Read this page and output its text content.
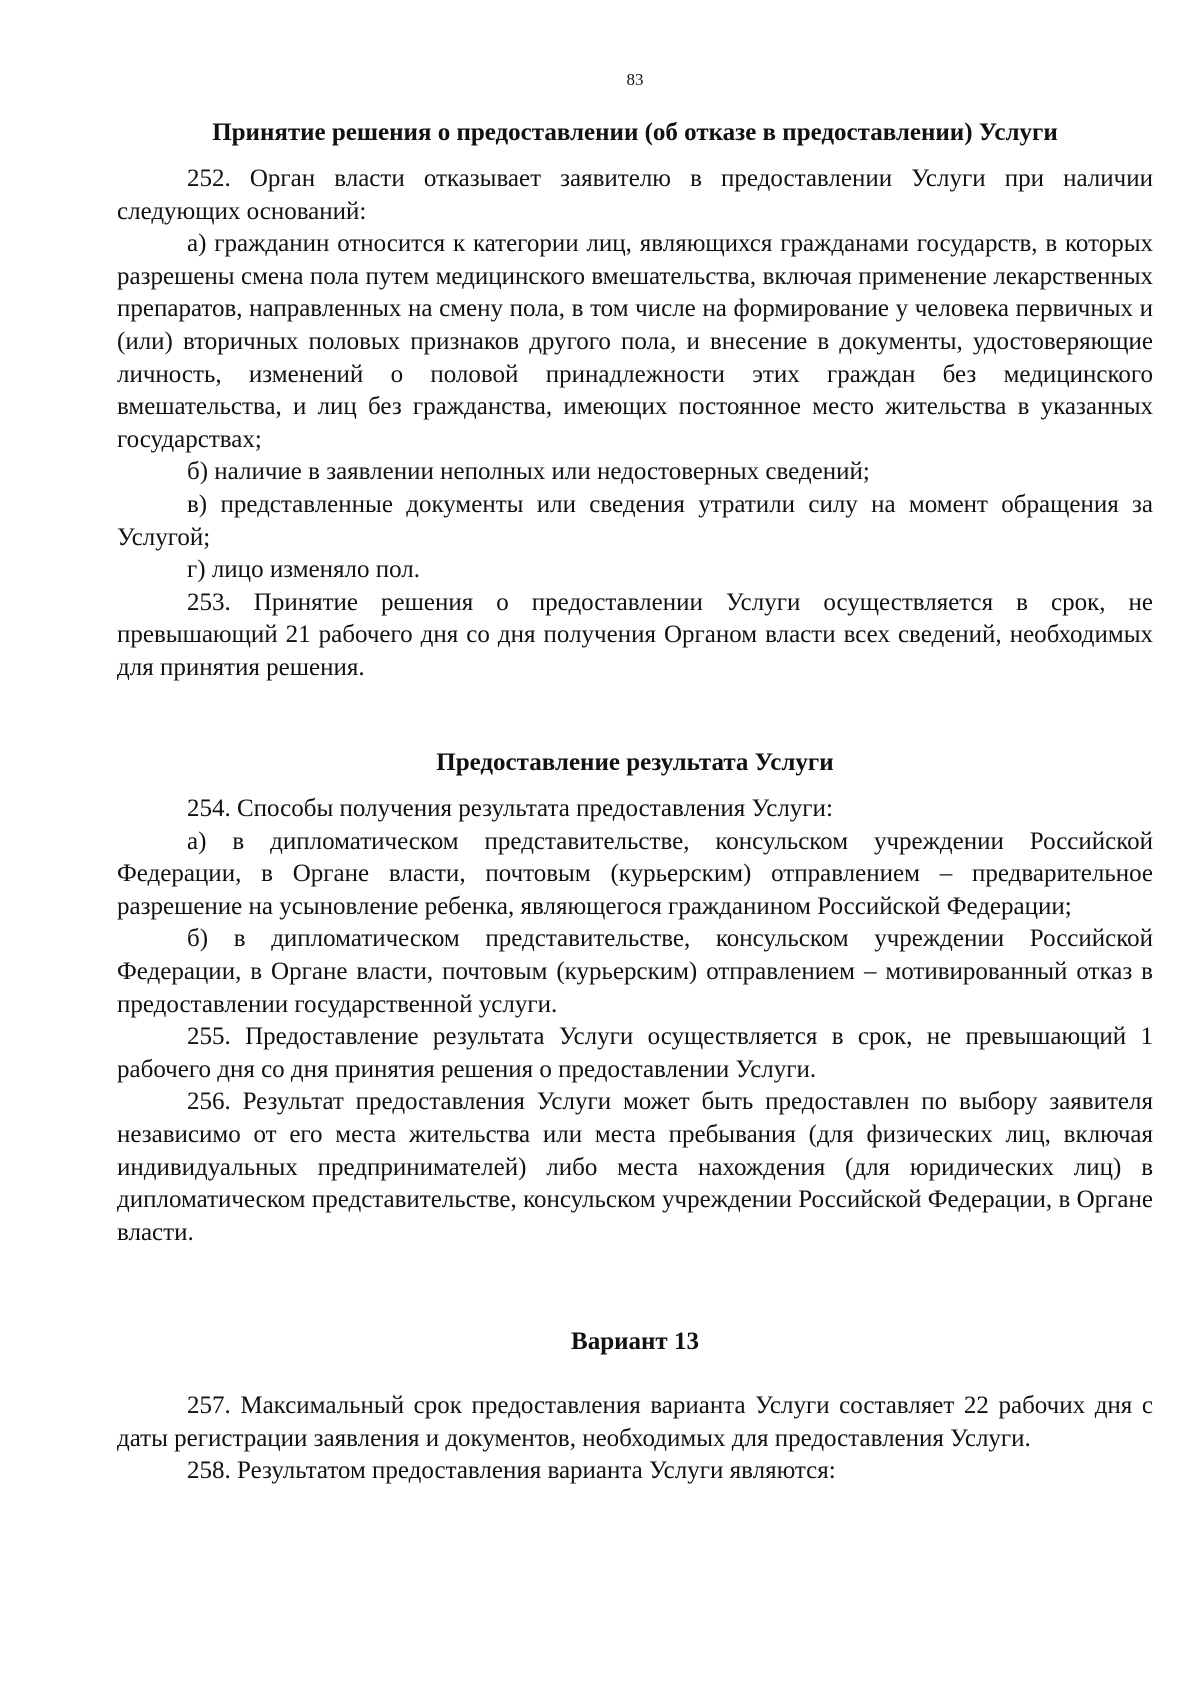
83
Принятие решения о предоставлении (об отказе в предоставлении) Услуги

252. Орган власти отказывает заявителю в предоставлении Услуги при наличии следующих оснований:

а) гражданин относится к категории лиц, являющихся гражданами государств, в которых разрешены смена пола путем медицинского вмешательства, включая применение лекарственных препаратов, направленных на смену пола, в том числе на формирование у человека первичных и (или) вторичных половых признаков другого пола, и внесение в документы, удостоверяющие личность, изменений о половой принадлежности этих граждан без медицинского вмешательства, и лиц без гражданства, имеющих постоянное место жительства в указанных государствах;

б) наличие в заявлении неполных или недостоверных сведений;

в) представленные документы или сведения утратили силу на момент обращения за Услугой;

г) лицо изменяло пол.

253. Принятие решения о предоставлении Услуги осуществляется в срок, не превышающий 21 рабочего дня со дня получения Органом власти всех сведений, необходимых для принятия решения.

Предоставление результата Услуги

254. Способы получения результата предоставления Услуги:

а) в дипломатическом представительстве, консульском учреждении Российской Федерации, в Органе власти, почтовым (курьерским) отправлением – предварительное разрешение на усыновление ребенка, являющегося гражданином Российской Федерации;

б) в дипломатическом представительстве, консульском учреждении Российской Федерации, в Органе власти, почтовым (курьерским) отправлением – мотивированный отказ в предоставлении государственной услуги.

255. Предоставление результата Услуги осуществляется в срок, не превышающий 1 рабочего дня со дня принятия решения о предоставлении Услуги.

256. Результат предоставления Услуги может быть предоставлен по выбору заявителя независимо от его места жительства или места пребывания (для физических лиц, включая индивидуальных предпринимателей) либо места нахождения (для юридических лиц) в дипломатическом представительстве, консульском учреждении Российской Федерации, в Органе власти.

Вариант 13

257. Максимальный срок предоставления варианта Услуги составляет 22 рабочих дня с даты регистрации заявления и документов, необходимых для предоставления Услуги.

258. Результатом предоставления варианта Услуги являются:
